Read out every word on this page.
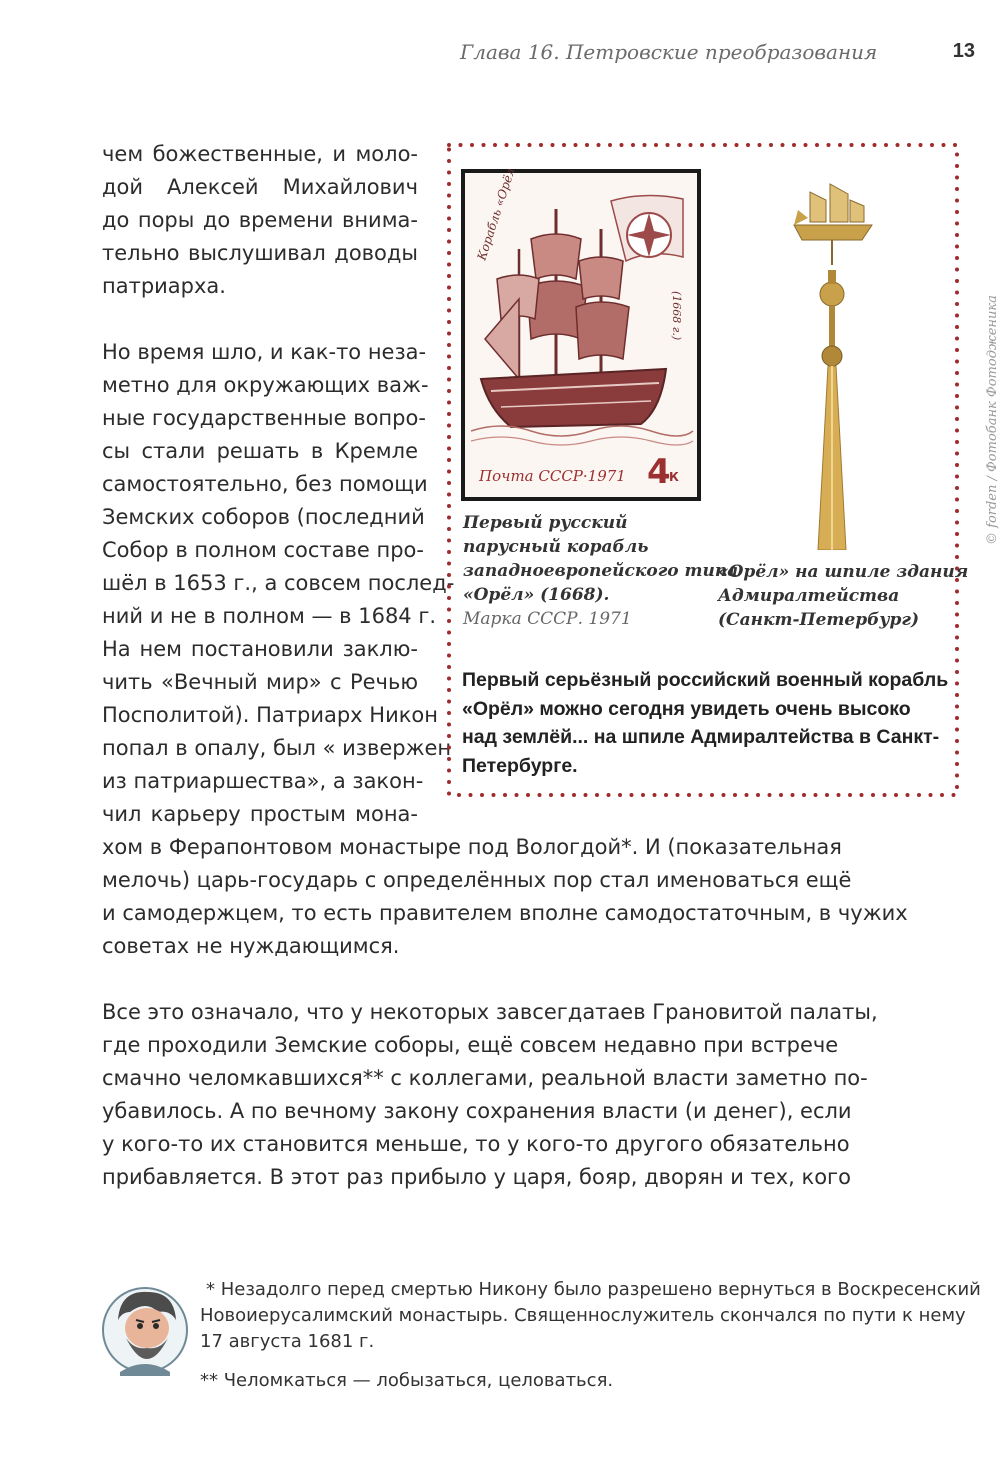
Глава 16. Петровские преобразования	13
чем божественные, и моло-
дой Алексей Михайлович
до поры до времени внима-
тельно выслушивал доводы
патриарха.
Но время шло, и как-то неза-
метно для окружающих важ-
ные государственные вопро-
сы стали решать в Кремле
самостоятельно, без помощи
Земских соборов (последний
Собор в полном составе про-
шёл в 1653 г., а совсем послед-
ний и не в полном — в 1684 г.
На нем постановили заклю-
чить «Вечный мир» с Речью
Посполитой). Патриарх Никон
попал в опалу, был « извержен
из патриаршества», а закон-
чил карьеру простым мона-
хом в Ферапонтовом монастыре под Вологдой*. И (показательная
мелочь) царь-государь с определённых пор стал именоваться ещё
и самодержцем, то есть правителем вполне самодостаточным, в чужих
советах не нуждающимся.
Все это означало, что у некоторых завсегдатаев Грановитой палаты,
где проходили Земские соборы, ещё совсем недавно при встрече
смачно челомкавшихся** с коллегами, реальной власти заметно по-
убавилось. А по вечному закону сохранения власти (и денег), если
у кого-то их становится меньше, то у кого-то другого обязательно
прибавляется. В этот раз прибыло у царя, бояр, дворян и тех, кого
Корабль «Орёл»
(1668 г.)
Почта СССР·1971 4
К
Первый русский
парусный корабль
западноевропейского типа
«Орёл» (1668).
Марка СССР. 1971
«Орёл» на шпиле здания
Адмиралтейства
(Санкт-Петербург)
Первый серьёзный российский военный корабль
«Орёл» можно сегодня увидеть очень высоко
над землёй... на шпиле Адмиралтейства в Санкт-
Петербурге.
© forden / Фотобанк Фотодженика
* Незадолго перед смертью Никону было разрешено вернуться в Воскресенский
Новоиерусалимский монастырь. Священнослужитель скончался по пути к нему
17 августа 1681 г.
** Челомкаться — лобызаться, целоваться.
